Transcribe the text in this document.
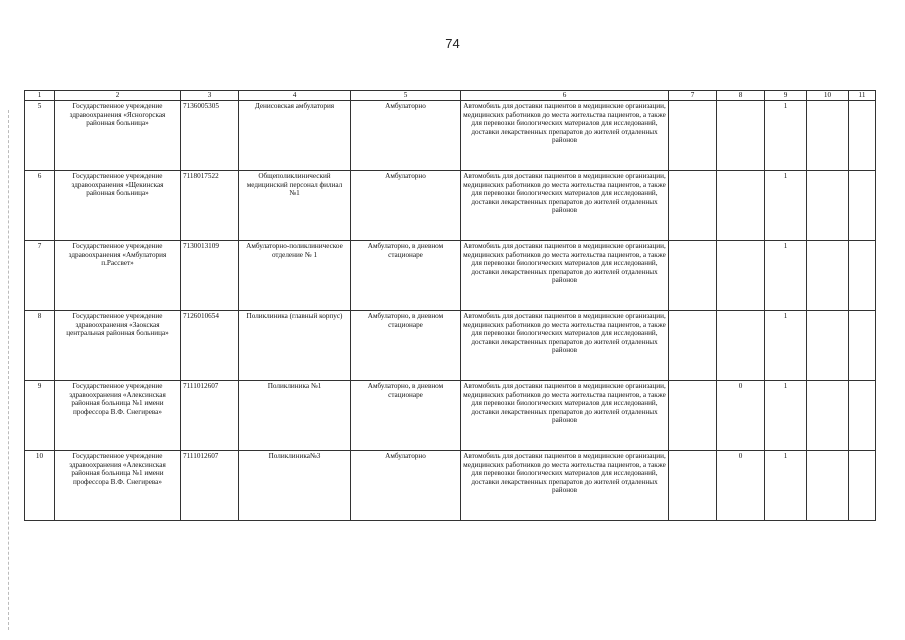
74
1	2	3	4	5	6	7	8	9	10	11
5	Государственное учреждение здравоохранения «Ясногорская районная больница»	7136005305	Денисовская амбулатория	Амбулаторно	Автомобиль для доставки пациентов в медицинские организации, медицинских работников до места жительства пациентов, а также для перевозки биологических материалов для исследований, доставки лекарственных препаратов до жителей отдаленных районов			1		
6	Государственное учреждение здравоохранения «Щекинская районная больница»	7118017522	Общеполиклинический медицинский персонал филиал №1	Амбулаторно	Автомобиль для доставки пациентов в медицинские организации, медицинских работников до места жительства пациентов, а также для перевозки биологических материалов для исследований, доставки лекарственных препаратов до жителей отдаленных районов			1		
7	Государственное учреждение здравоохранения «Амбулатория п.Рассвет»	7130013109	Амбулаторно-поликлиническое отделение № 1	Амбулаторно, в дневном стационаре	Автомобиль для доставки пациентов в медицинские организации, медицинских работников до места жительства пациентов, а также для перевозки биологических материалов для исследований, доставки лекарственных препаратов до жителей отдаленных районов			1		
8	Государственное учреждение здравоохранения «Заокская центральная районная больница»	7126010654	Поликлиника (главный корпус)	Амбулаторно, в дневном стационаре	Автомобиль для доставки пациентов в медицинские организации, медицинских работников до места жительства пациентов, а также для перевозки биологических материалов для исследований, доставки лекарственных препаратов до жителей отдаленных районов			1		
9	Государственное учреждение здравоохранения «Алексинская районная больница №1 имени профессора В.Ф. Снегирева»	7111012607	Поликлиника №1	Амбулаторно, в дневном стационаре	Автомобиль для доставки пациентов в медицинские организации, медицинских работников до места жительства пациентов, а также для перевозки биологических материалов для исследований, доставки лекарственных препаратов до жителей отдаленных районов		0	1		
10	Государственное учреждение здравоохранения «Алексинская районная больница №1 имени профессора В.Ф. Снегирева»	7111012607	Поликлиника№3	Амбулаторно	Автомобиль для доставки пациентов в медицинские организации, медицинских работников до места жительства пациентов, а также для перевозки биологических материалов для исследований, доставки лекарственных препаратов до жителей отдаленных районов		0	1		
